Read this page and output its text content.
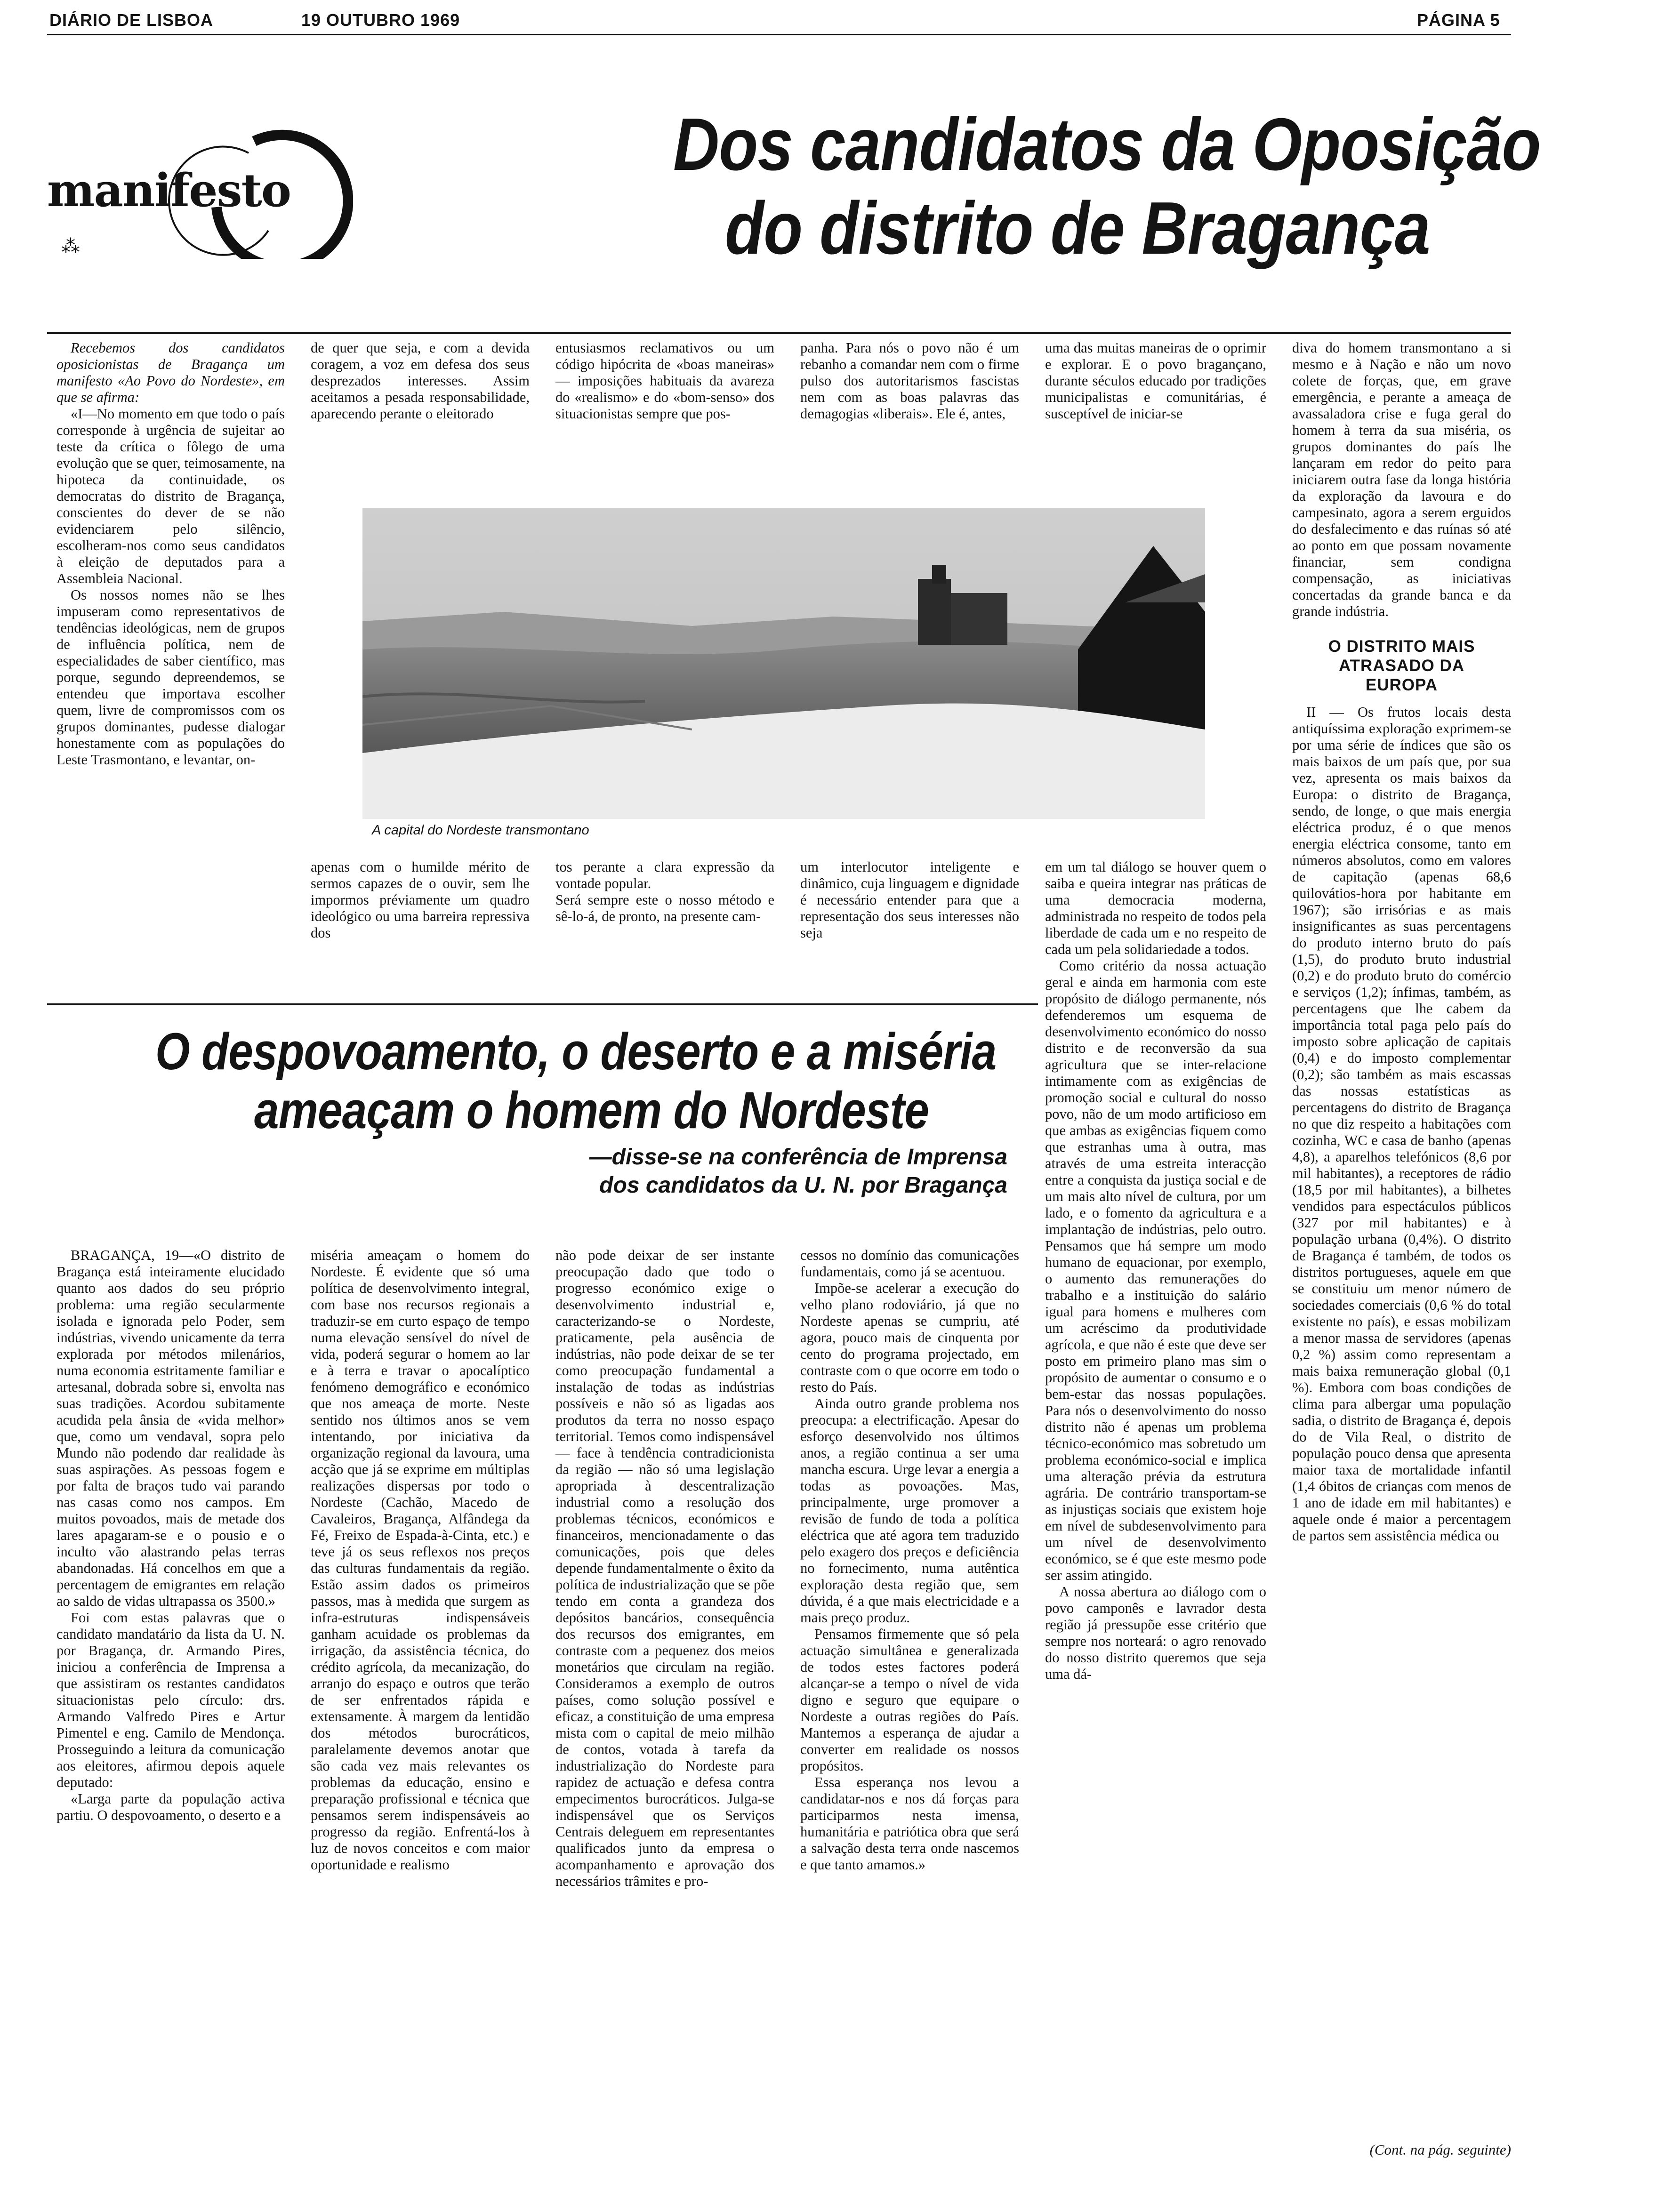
DIÁRIO DE LISBOA	19 OUTUBRO 1969	PÁGINA 5
manifesto
⁂
Dos candidatos da Oposição
do distrito de Bragança

Recebemos dos candidatos oposicionistas de Bragança um manifesto «Ao Povo do Nordeste», em que se afirma:

«I—No momento em que todo o país corresponde à urgência de sujeitar ao teste da crítica o fôlego de uma evolução que se quer, teimosamente, na hipoteca da continuidade, os democratas do distrito de Bragança, conscientes do dever de se não evidenciarem pelo silêncio, escolheram-nos como seus candidatos à eleição de deputados para a Assembleia Nacional.

Os nossos nomes não se lhes impuseram como representativos de tendências ideológicas, nem de grupos de influência política, nem de especialidades de saber científico, mas porque, segundo depreendemos, se entendeu que importava escolher quem, livre de compromissos com os grupos dominantes, pudesse dialogar honestamente com as populações do Leste Trasmontano, e levantar, on-

de quer que seja, e com a devida coragem, a voz em defesa dos seus desprezados interesses. Assim aceitamos a pesada responsabilidade, aparecendo perante o eleitorado

entusiasmos reclamativos ou um código hipócrita de «boas maneiras» — imposições habituais da avareza do «realismo» e do «bom-senso» dos situacionistas sempre que pos-

panha. Para nós o povo não é um rebanho a comandar nem com o firme pulso dos autoritarismos fascistas nem com as boas palavras das demagogias «liberais». Ele é, antes,

uma das muitas maneiras de o oprimir e explorar. E o povo bragançano, durante séculos educado por tradições municipalistas e comunitárias, é susceptível de iniciar-se

A capital do Nordeste transmontano

apenas com o humilde mérito de sermos capazes de o ouvir, sem lhe impormos préviamente um quadro ideológico ou uma barreira repressiva dos

tos perante a clara expressão da vontade popular.
Será sempre este o nosso método e sê-lo-á, de pronto, na presente cam-

um interlocutor inteligente e dinâmico, cuja linguagem e dignidade é necessário entender para que a representação dos seus interesses não seja

em um tal diálogo se houver quem o saiba e queira integrar nas práticas de uma democracia moderna, administrada no respeito de todos pela liberdade de cada um e no respeito de cada um pela solidariedade a todos.

Como critério da nossa actuação geral e ainda em harmonia com este propósito de diálogo permanente, nós defenderemos um esquema de desenvolvimento económico do nosso distrito e de reconversão da sua agricultura que se inter-relacione intimamente com as exigências de promoção social e cultural do nosso povo, não de um modo artificioso em que ambas as exigências fiquem como que estranhas uma à outra, mas através de uma estreita interacção entre a conquista da justiça social e de um mais alto nível de cultura, por um lado, e o fomento da agricultura e a implantação de indústrias, pelo outro. Pensamos que há sempre um modo humano de equacionar, por exemplo, o aumento das remunerações do trabalho e a instituição do salário igual para homens e mulheres com um acréscimo da produtividade agrícola, e que não é este que deve ser posto em primeiro plano mas sim o propósito de aumentar o consumo e o bem-estar das nossas populações. Para nós o desenvolvimento do nosso distrito não é apenas um problema técnico-económico mas sobretudo um problema económico-social e implica uma alteração prévia da estrutura agrária. De contrário transportam-se as injustiças sociais que existem hoje em nível de subdesenvolvimento para um nível de desenvolvimento económico, se é que este mesmo pode ser assim atingido.

A nossa abertura ao diálogo com o povo camponês e lavrador desta região já pressupõe esse critério que sempre nos norteará: o agro renovado do nosso distrito queremos que seja uma dá-

diva do homem transmontano a si mesmo e à Nação e não um novo colete de forças, que, em grave emergência, e perante a ameaça de avassaladora crise e fuga geral do homem à terra da sua miséria, os grupos dominantes do país lhe lançaram em redor do peito para iniciarem outra fase da longa história da exploração da lavoura e do campesinato, agora a serem erguidos do desfalecimento e das ruínas só até ao ponto em que possam novamente financiar, sem condigna compensação, as iniciativas concertadas da grande banca e da grande indústria.

O DISTRITO MAIS ATRASADO DA EUROPA

II — Os frutos locais desta antiquíssima exploração exprimem-se por uma série de índices que são os mais baixos de um país que, por sua vez, apresenta os mais baixos da Europa: o distrito de Bragança, sendo, de longe, o que mais energia eléctrica produz, é o que menos energia eléctrica consome, tanto em números absolutos, como em valores de capitação (apenas 68,6 quilovátios-hora por habitante em 1967); são irrisórias e as mais insignificantes as suas percentagens do produto interno bruto do país (1,5), do produto bruto industrial (0,2) e do produto bruto do comércio e serviços (1,2); ínfimas, também, as percentagens que lhe cabem da importância total paga pelo país do imposto sobre aplicação de capitais (0,4) e do imposto complementar (0,2); são também as mais escassas das nossas estatísticas as percentagens do distrito de Bragança no que diz respeito a habitações com cozinha, WC e casa de banho (apenas 4,8), a aparelhos telefónicos (8,6 por mil habitantes), a receptores de rádio (18,5 por mil habitantes), a bilhetes vendidos para espectáculos públicos (327 por mil habitantes) e à população urbana (0,4%). O distrito de Bragança é também, de todos os distritos portugueses, aquele em que se constituiu um menor número de sociedades comerciais (0,6 % do total existente no país), e essas mobilizam a menor massa de servidores (apenas 0,2 %) assim como representam a mais baixa remuneração global (0,1 %). Embora com boas condições de clima para albergar uma população sadia, o distrito de Bragança é, depois do de Vila Real, o distrito de população pouco densa que apresenta maior taxa de mortalidade infantil (1,4 óbitos de crianças com menos de 1 ano de idade em mil habitantes) e aquele onde é maior a percentagem de partos sem assistência médica ou

(Cont. na pág. seguinte)
O despovoamento, o deserto e a miséria
ameaçam o homem do Nordeste
—disse-se na conferência de Imprensa
dos candidatos da U. N. por Bragança

BRAGANÇA, 19—«O distrito de Bragança está inteiramente elucidado quanto aos dados do seu próprio problema: uma região secularmente isolada e ignorada pelo Poder, sem indústrias, vivendo unicamente da terra explorada por métodos milenários, numa economia estritamente familiar e artesanal, dobrada sobre si, envolta nas suas tradições. Acordou subitamente acudida pela ânsia de «vida melhor» que, como um vendaval, sopra pelo Mundo não podendo dar realidade às suas aspirações. As pessoas fogem e por falta de braços tudo vai parando nas casas como nos campos. Em muitos povoados, mais de metade dos lares apagaram-se e o pousio e o inculto vão alastrando pelas terras abandonadas. Há concelhos em que a percentagem de emigrantes em relação ao saldo de vidas ultrapassa os 3500.»

Foi com estas palavras que o candidato mandatário da lista da U. N. por Bragança, dr. Armando Pires, iniciou a conferência de Imprensa a que assistiram os restantes candidatos situacionistas pelo círculo: drs. Armando Valfredo Pires e Artur Pimentel e eng. Camilo de Mendonça. Prosseguindo a leitura da comunicação aos eleitores, afirmou depois aquele deputado:

«Larga parte da população activa partiu. O despovoamento, o deserto e a

miséria ameaçam o homem do Nordeste. É evidente que só uma política de desenvolvimento integral, com base nos recursos regionais a traduzir-se em curto espaço de tempo numa elevação sensível do nível de vida, poderá segurar o homem ao lar e à terra e travar o apocalíptico fenómeno demográfico e económico que nos ameaça de morte. Neste sentido nos últimos anos se vem intentando, por iniciativa da organização regional da lavoura, uma acção que já se exprime em múltiplas realizações dispersas por todo o Nordeste (Cachão, Macedo de Cavaleiros, Bragança, Alfândega da Fé, Freixo de Espada-à-Cinta, etc.) e teve já os seus reflexos nos preços das culturas fundamentais da região. Estão assim dados os primeiros passos, mas à medida que surgem as infra-estruturas indispensáveis ganham acuidade os problemas da irrigação, da assistência técnica, do crédito agrícola, da mecanização, do arranjo do espaço e outros que terão de ser enfrentados rápida e extensamente. À margem da lentidão dos métodos burocráticos, paralelamente devemos anotar que são cada vez mais relevantes os problemas da educação, ensino e preparação profissional e técnica que pensamos serem indispensáveis ao progresso da região. Enfrentá-los à luz de novos conceitos e com maior oportunidade e realismo

não pode deixar de ser instante preocupação dado que todo o progresso económico exige o desenvolvimento industrial e, caracterizando-se o Nordeste, praticamente, pela ausência de indústrias, não pode deixar de se ter como preocupação fundamental a instalação de todas as indústrias possíveis e não só as ligadas aos produtos da terra no nosso espaço territorial. Temos como indispensável — face à tendência contradicionista da região — não só uma legislação apropriada à descentralização industrial como a resolução dos problemas técnicos, económicos e financeiros, mencionadamente o das comunicações, pois que deles depende fundamentalmente o êxito da política de industrialização que se põe tendo em conta a grandeza dos depósitos bancários, consequência dos recursos dos emigrantes, em contraste com a pequenez dos meios monetários que circulam na região. Consideramos a exemplo de outros países, como solução possível e eficaz, a constituição de uma empresa mista com o capital de meio milhão de contos, votada à tarefa da industrialização do Nordeste para rapidez de actuação e defesa contra empecimentos burocráticos. Julga-se indispensável que os Serviços Centrais deleguem em representantes qualificados junto da empresa o acompanhamento e aprovação dos necessários trâmites e pro-

cessos no domínio das comunicações fundamentais, como já se acentuou.

Impõe-se acelerar a execução do velho plano rodoviário, já que no Nordeste apenas se cumpriu, até agora, pouco mais de cinquenta por cento do programa projectado, em contraste com o que ocorre em todo o resto do País.

Ainda outro grande problema nos preocupa: a electrificação. Apesar do esforço desenvolvido nos últimos anos, a região continua a ser uma mancha escura. Urge levar a energia a todas as povoações. Mas, principalmente, urge promover a revisão de fundo de toda a política eléctrica que até agora tem traduzido pelo exagero dos preços e deficiência no fornecimento, numa autêntica exploração desta região que, sem dúvida, é a que mais electricidade e a mais preço produz.

Pensamos firmemente que só pela actuação simultânea e generalizada de todos estes factores poderá alcançar-se a tempo o nível de vida digno e seguro que equipare o Nordeste a outras regiões do País. Mantemos a esperança de ajudar a converter em realidade os nossos propósitos.

Essa esperança nos levou a candidatar-nos e nos dá forças para participarmos nesta imensa, humanitária e patriótica obra que será a salvação desta terra onde nascemos e que tanto amamos.»
